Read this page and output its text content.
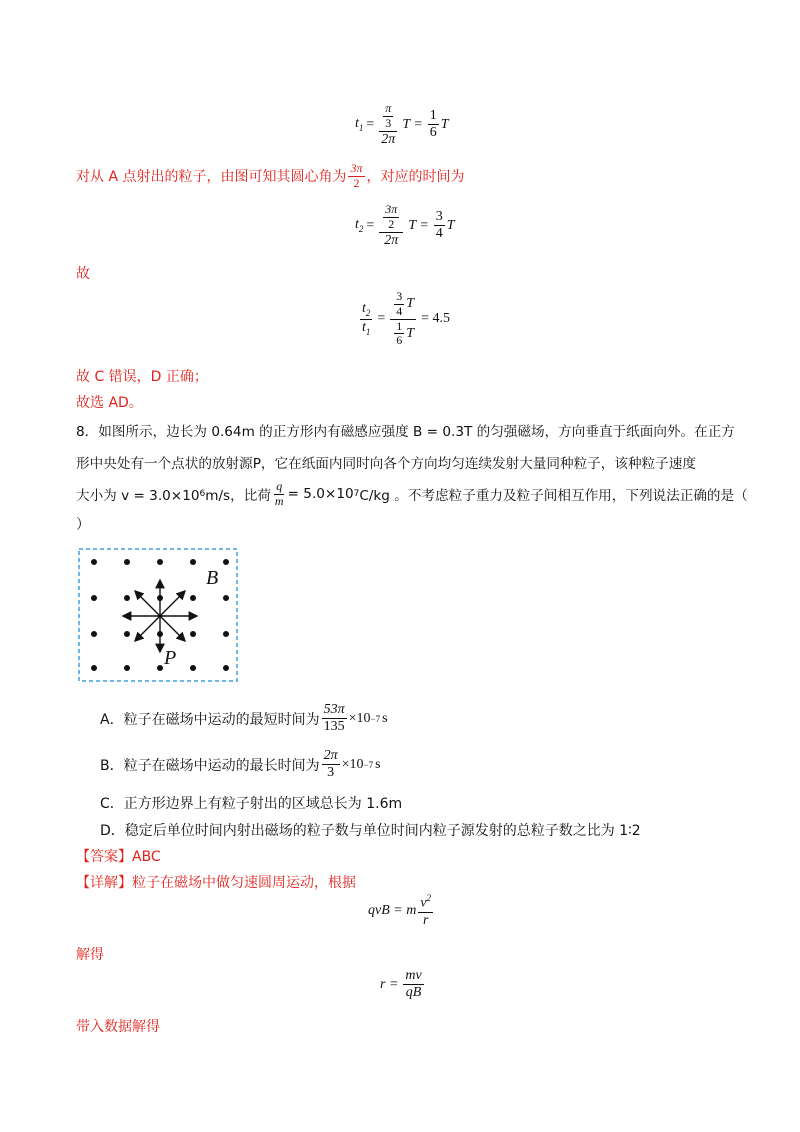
$t_1 = \frac{\frac{\pi}{3}}{2\pi}$ $T = \frac{1}{6}$ T
对从 A 点射出的粒子，由图可知其圆心角为 $\frac{3\pi}{2}$ ，对应的时间为
$t_2 = \frac{\frac{3\pi}{2}}{2\pi}$ $T = \frac{3}{4}$ T
故
$\frac{t_2}{t_1} = \frac{\frac{3}{4} T}{\frac{1}{6} T} = 4.5$
故 C 错误，D 正确；
故选 AD。
8．如图所示，边长为 0.64m 的正方形内有磁感应强度 B = 0.3T 的匀强磁场，方向垂直于纸面向外。在正方
形中央处有一个点状的放射源P，它在纸面内同时向各个方向均匀连续发射大量同种粒子，该种粒子速度
大小为 v = 3.0×10 6 m/s，比荷 $\frac{q}{m} = 5.0\times 10$ 7 C/kg 。不考虑粒子重力及粒子间相互作用，下列说法正确的是（
）
B
P
A．粒子在磁场中运动的最短时间为 $\frac{53\pi}{135} \times 10 -7$ s
B．粒子在磁场中运动的最长时间为 $\frac{2\pi}{3} \times 10 -7$ s
C．正方形边界上有粒子射出的区域总长为 1.6m
D．稳定后单位时间内射出磁场的粒子数与单位时间内粒子源发射的总粒子数之比为 1∶2
【答案】ABC
【详解】粒子在磁场中做匀速圆周运动，根据
qvB = m $\frac{v^2}{r}$
解得
$r = \frac{mv}{qB}$
带入数据解得
